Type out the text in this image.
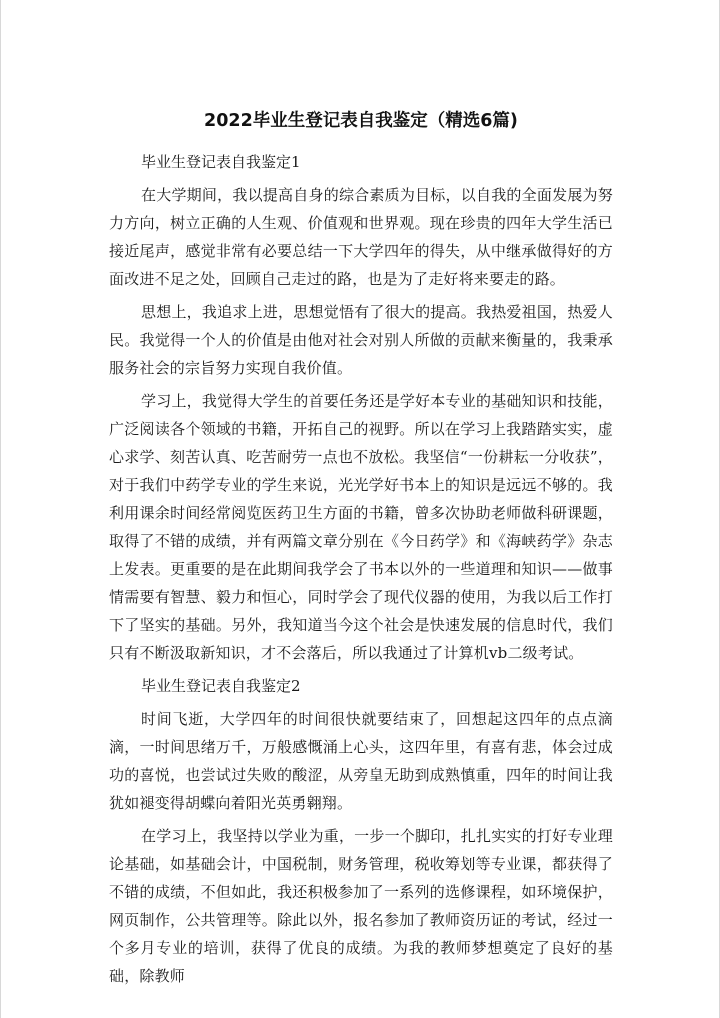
2022毕业生登记表自我鉴定（精选6篇)

毕业生登记表自我鉴定1

在大学期间，我以提高自身的综合素质为目标，以自我的全面发展为努力方向，树立正确的人生观、价值观和世界观。现在珍贵的四年大学生活已接近尾声，感觉非常有必要总结一下大学四年的得失，从中继承做得好的方面改进不足之处，回顾自己走过的路，也是为了走好将来要走的路。

思想上，我追求上进，思想觉悟有了很大的提高。我热爱祖国，热爱人民。我觉得一个人的价值是由他对社会对别人所做的贡献来衡量的，我秉承服务社会的宗旨努力实现自我价值。

学习上，我觉得大学生的首要任务还是学好本专业的基础知识和技能，广泛阅读各个领域的书籍，开拓自己的视野。所以在学习上我踏踏实实，虚心求学、刻苦认真、吃苦耐劳一点也不放松。我坚信“一份耕耘一分收获”，对于我们中药学专业的学生来说，光光学好书本上的知识是远远不够的。我利用课余时间经常阅览医药卫生方面的书籍，曾多次协助老师做科研课题，取得了不错的成绩，并有两篇文章分别在《今日药学》和《海峡药学》杂志上发表。更重要的是在此期间我学会了书本以外的一些道理和知识——做事情需要有智慧、毅力和恒心，同时学会了现代仪器的使用，为我以后工作打下了坚实的基础。另外，我知道当今这个社会是快速发展的信息时代，我们只有不断汲取新知识，才不会落后，所以我通过了计算机vb二级考试。

毕业生登记表自我鉴定2

时间飞逝，大学四年的时间很快就要结束了，回想起这四年的点点滴滴，一时间思绪万千，万般感慨涌上心头，这四年里，有喜有悲，体会过成功的喜悦，也尝试过失败的酸涩，从旁皇无助到成熟慎重，四年的时间让我犹如褪变得胡蝶向着阳光英勇翱翔。

在学习上，我坚持以学业为重，一步一个脚印，扎扎实实的打好专业理论基础，如基础会计，中国税制，财务管理，税收筹划等专业课，都获得了不错的成绩，不但如此，我还积极参加了一系列的选修课程，如环境保护，网页制作，公共管理等。除此以外，报名参加了教师资历证的考试，经过一个多月专业的培训，获得了优良的成绩。为我的教师梦想奠定了良好的基础，除教师
